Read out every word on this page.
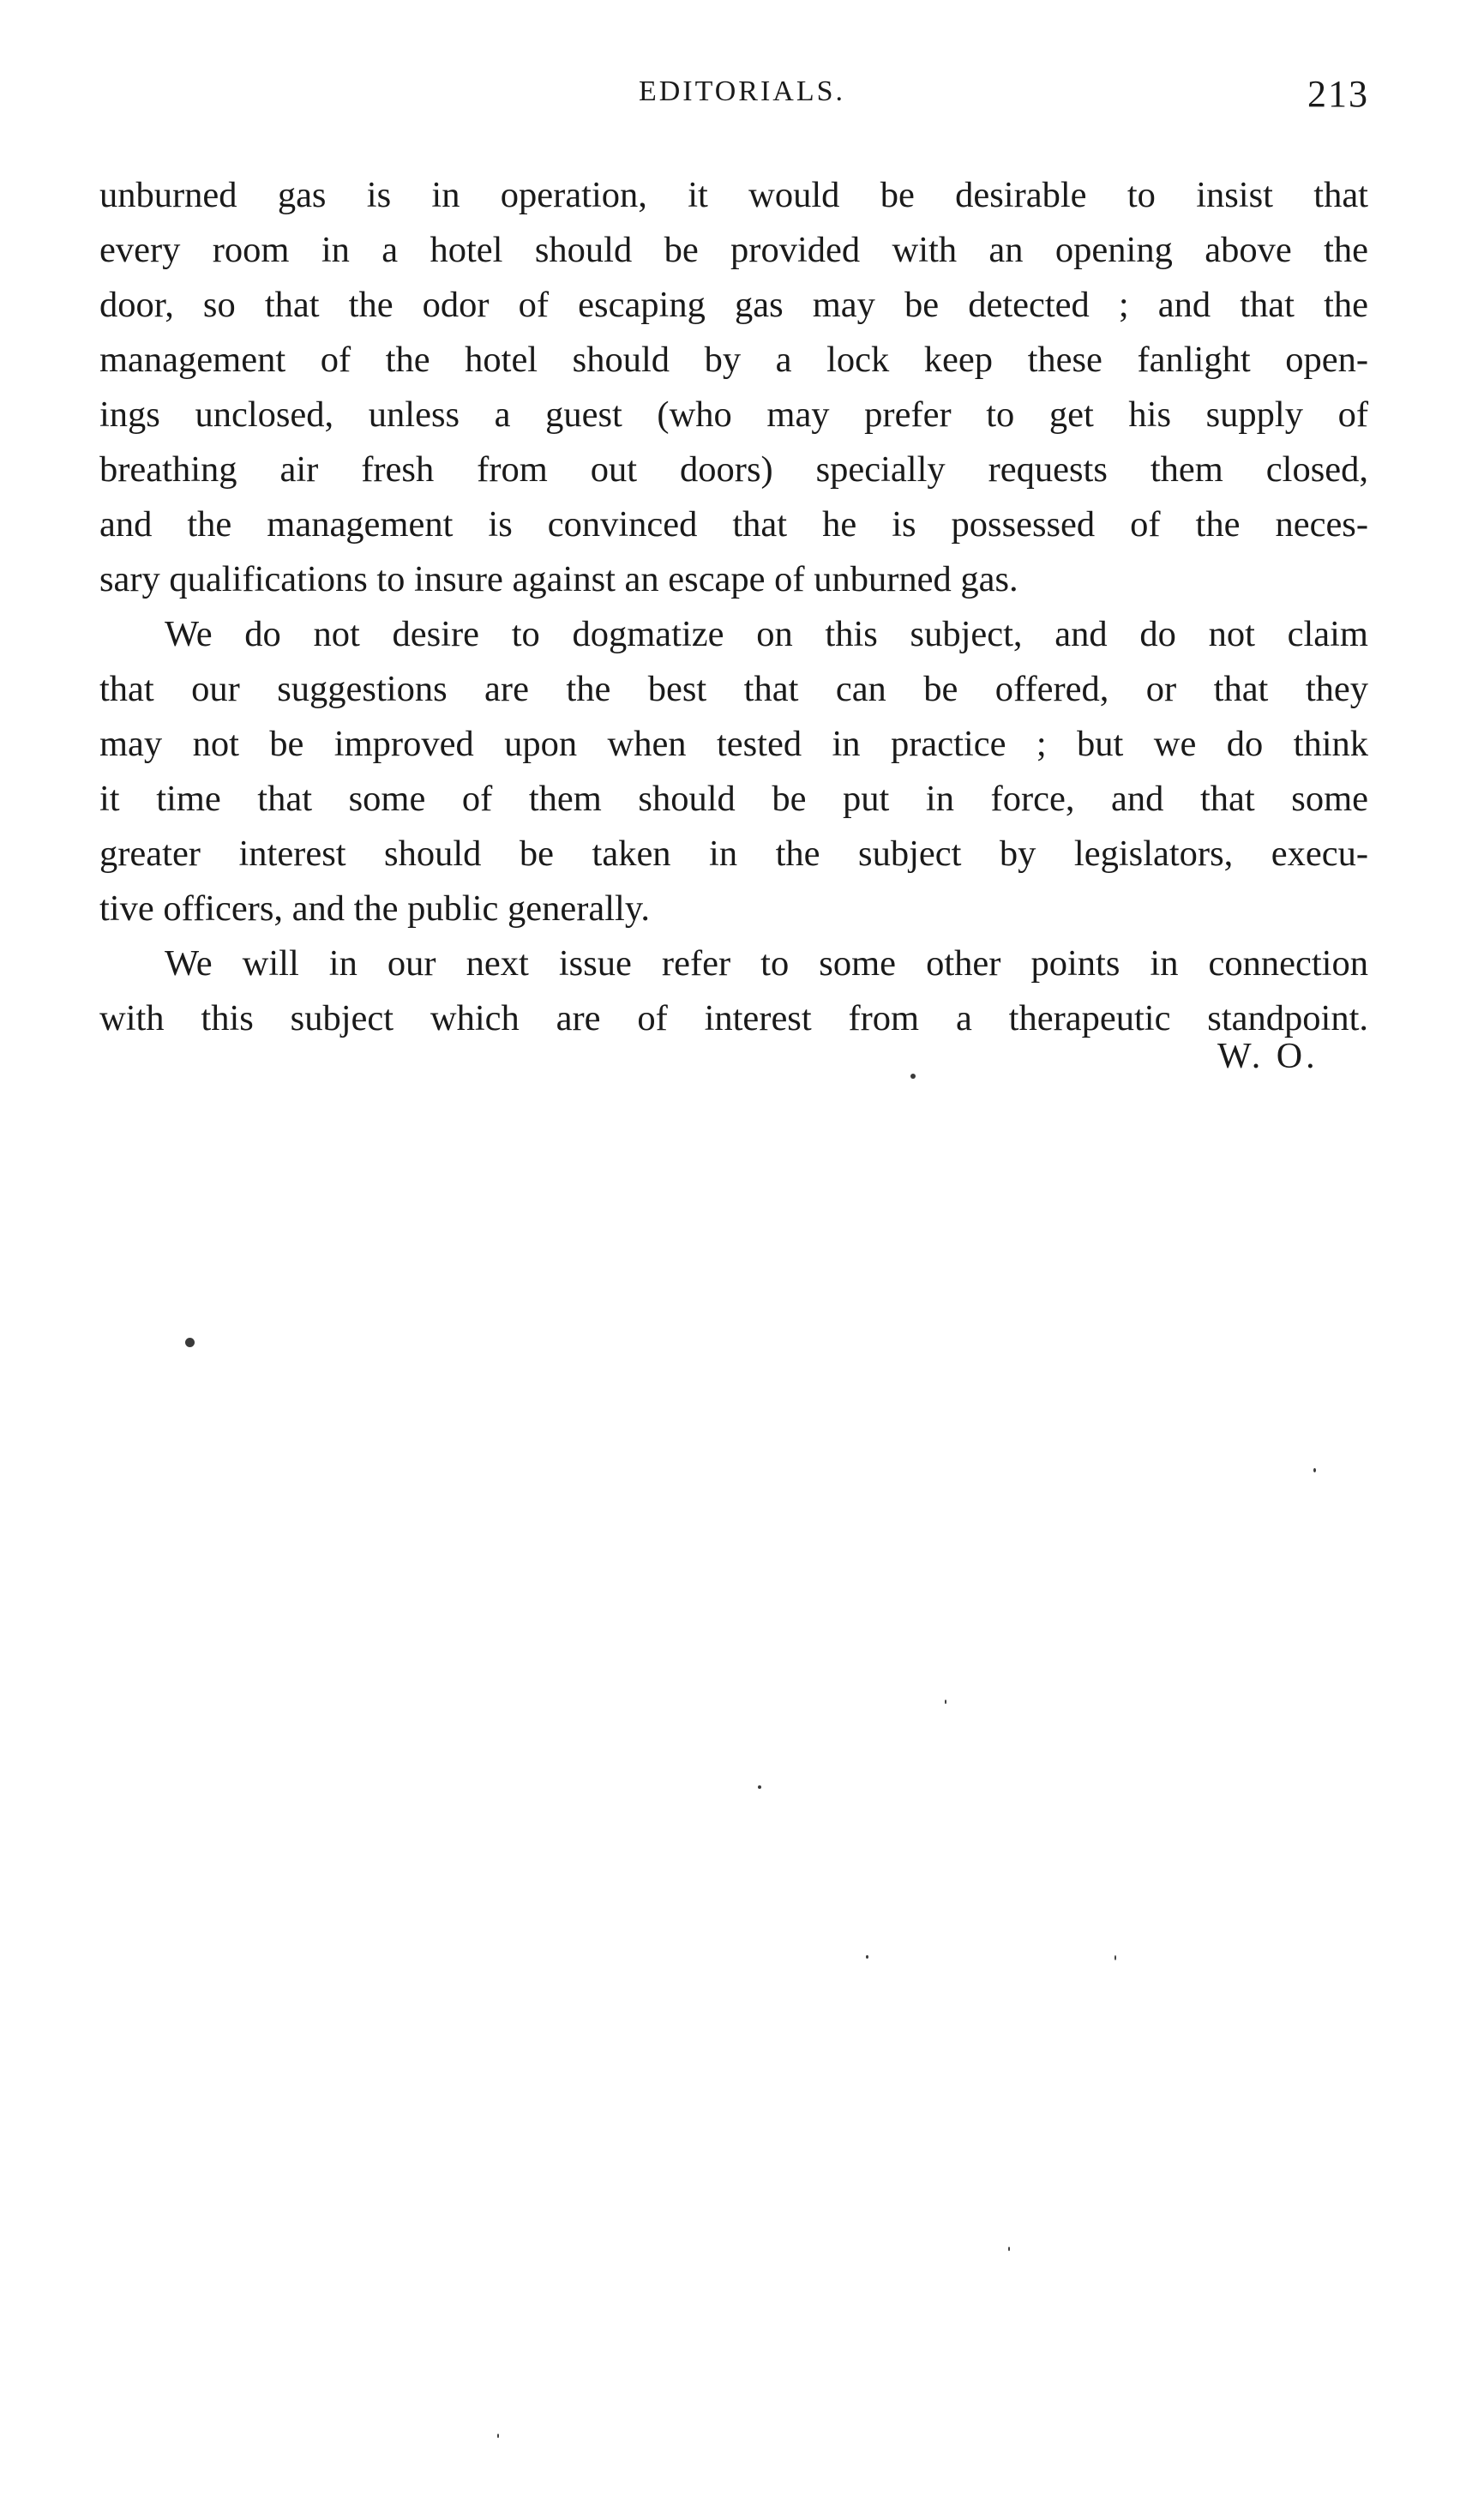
EDITORIALS.	213
unburned gas is in operation, it would be desirable to insist that
every room in a hotel should be provided with an opening above the
door, so that the odor of escaping gas may be detected ; and that the
management of the hotel should by a lock keep these fanlight open-
ings unclosed, unless a guest (who may prefer to get his supply of
breathing air fresh from out doors) specially requests them closed,
and the management is convinced that he is possessed of the neces-
sary qualifications to insure against an escape of unburned gas.
We do not desire to dogmatize on this subject, and do not claim
that our suggestions are the best that can be offered, or that they
may not be improved upon when tested in practice ; but we do think
it time that some of them should be put in force, and that some
greater interest should be taken in the subject by legislators, execu-
tive officers, and the public generally.
We will in our next issue refer to some other points in connection
with this subject which are of interest from a therapeutic standpoint.
W. O.
